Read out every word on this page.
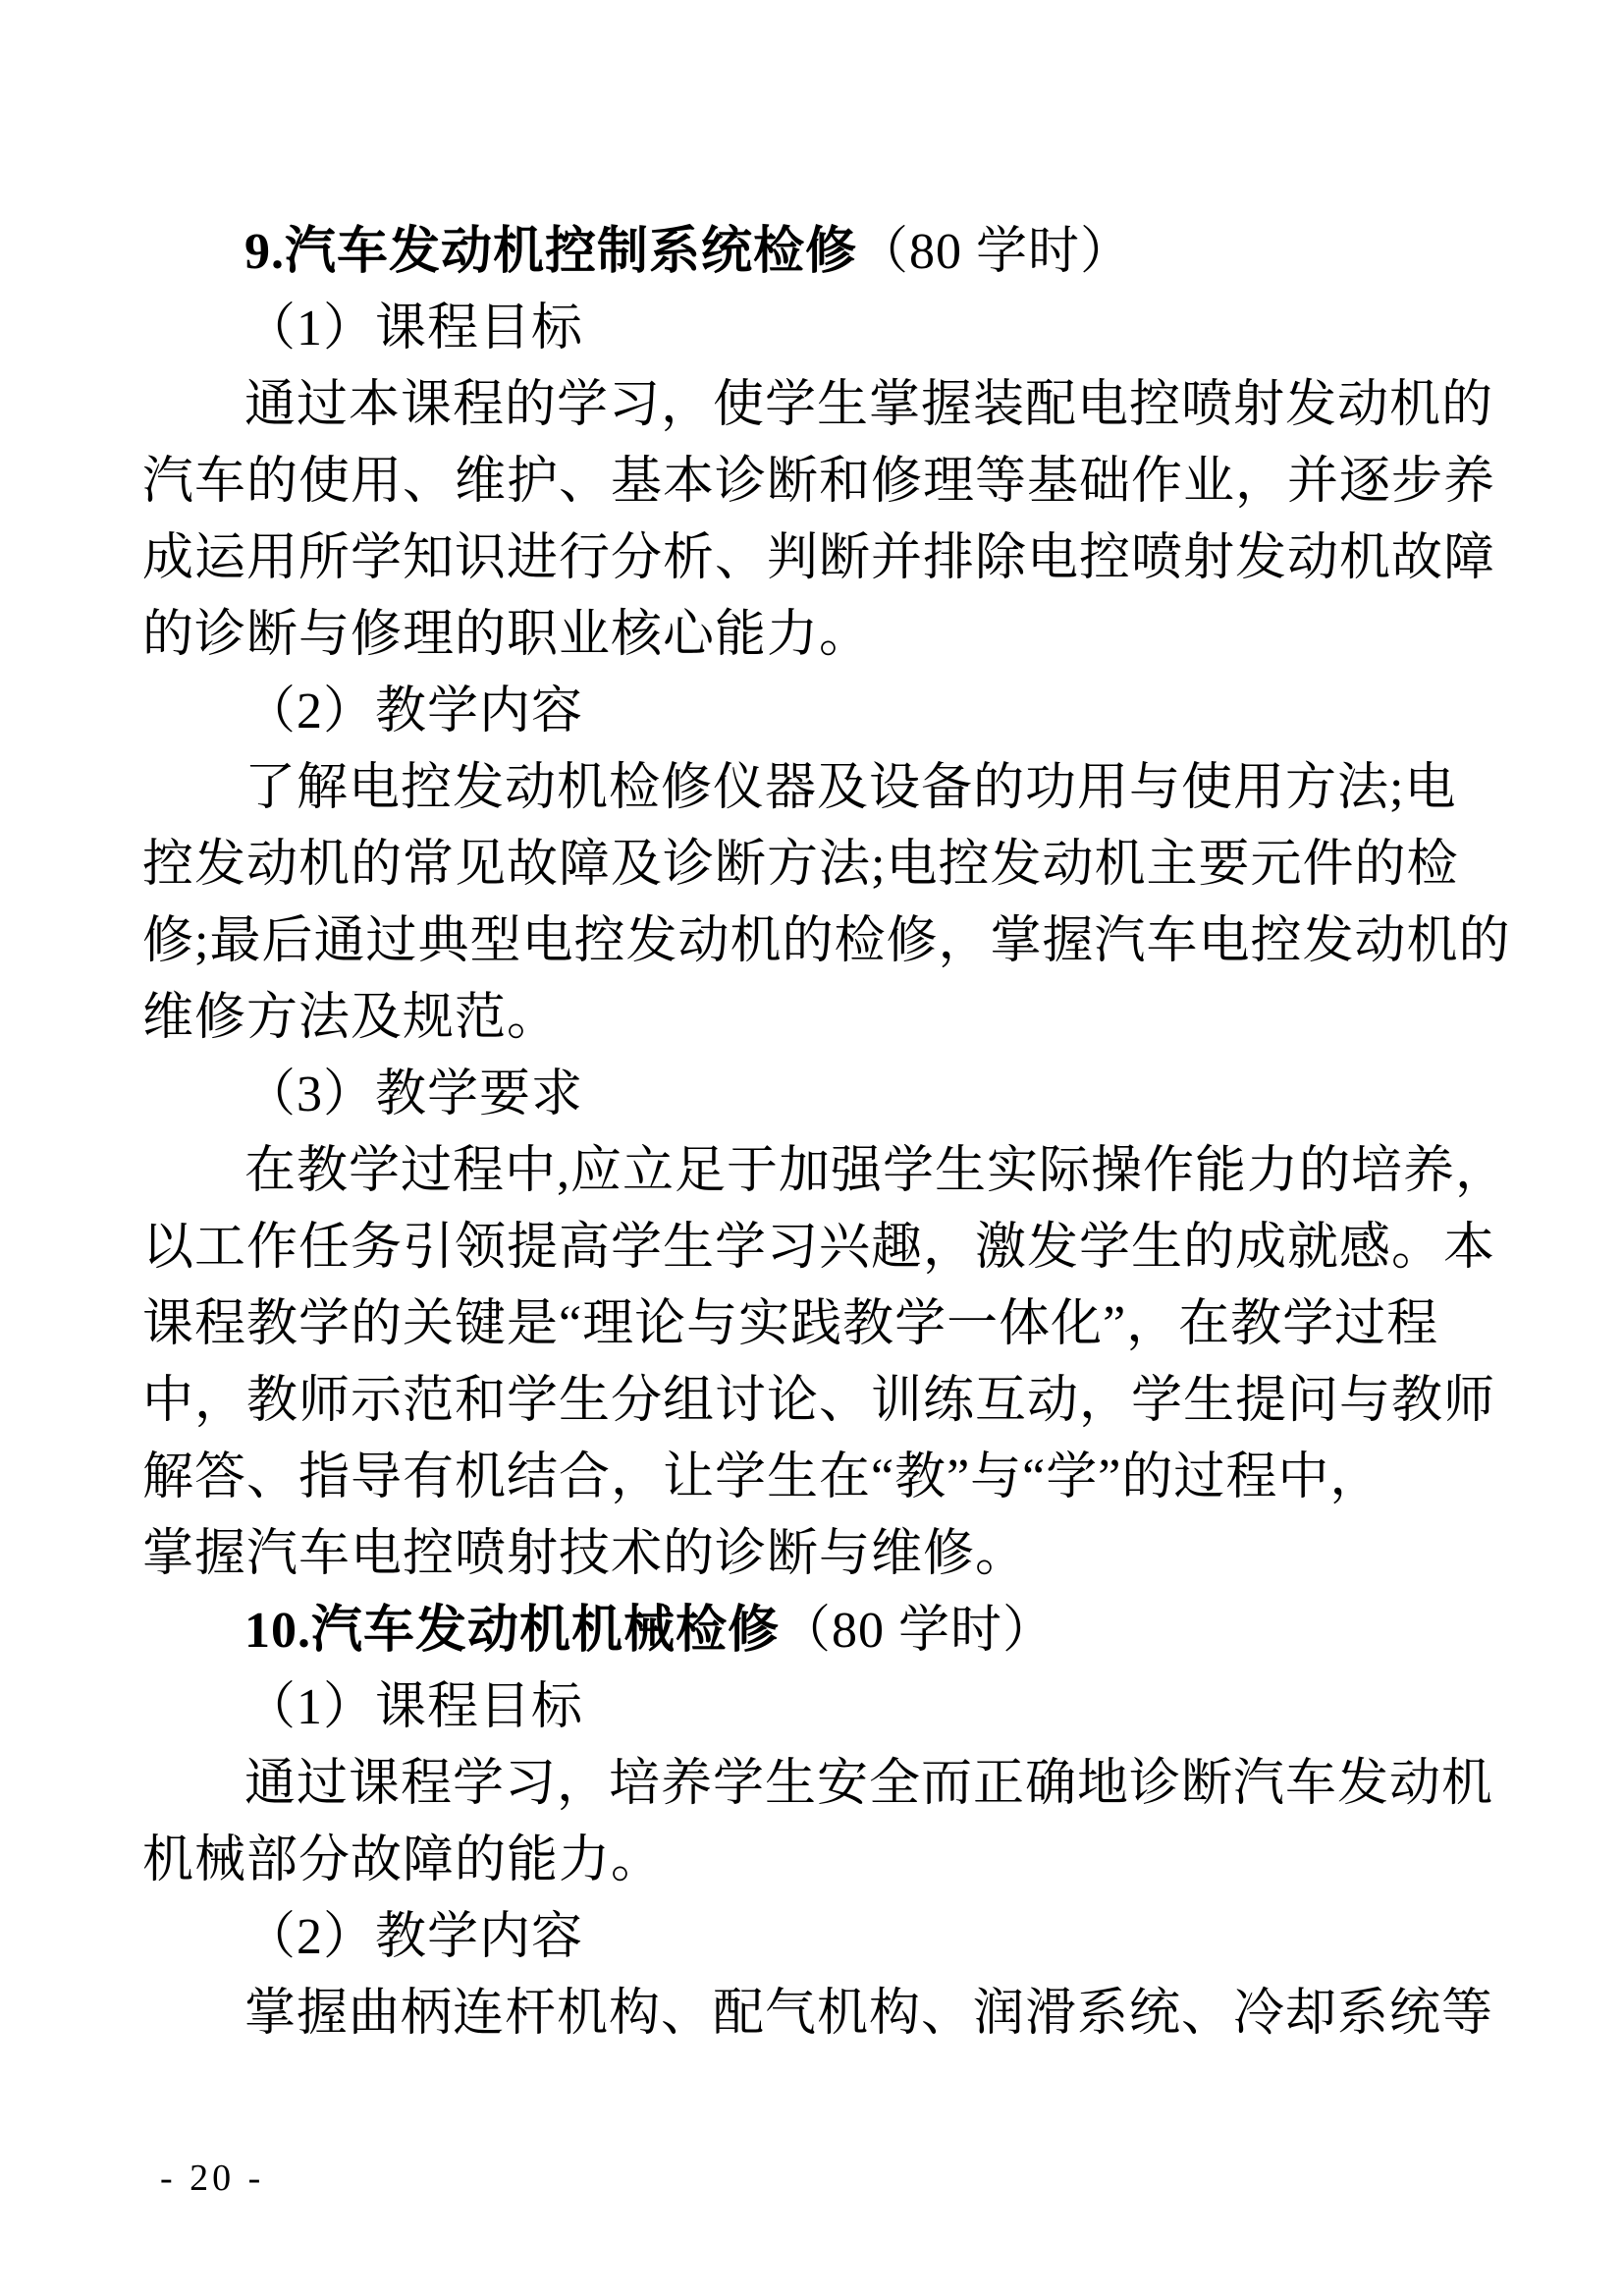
9.汽车发动机控制系统检修（80 学时）
（1）课程目标
通过本课程的学习，使学生掌握装配电控喷射发动机的
汽车的使用、维护、基本诊断和修理等基础作业，并逐步养
成运用所学知识进行分析、判断并排除电控喷射发动机故障
的诊断与修理的职业核心能力。
（2）教学内容
了解电控发动机检修仪器及设备的功用与使用方法;电
控发动机的常见故障及诊断方法;电控发动机主要元件的检
修;最后通过典型电控发动机的检修，掌握汽车电控发动机的
维修方法及规范。
（3）教学要求
在教学过程中,应立足于加强学生实际操作能力的培养，
以工作任务引领提高学生学习兴趣，激发学生的成就感。本
课程教学的关键是“理论与实践教学一体化”，在教学过程
中，教师示范和学生分组讨论、训练互动，学生提问与教师
解答、指导有机结合，让学生在“教”与“学”的过程中，
掌握汽车电控喷射技术的诊断与维修。
10.汽车发动机机械检修（80 学时）
（1）课程目标
通过课程学习，培养学生安全而正确地诊断汽车发动机
机械部分故障的能力。
（2）教学内容
掌握曲柄连杆机构、配气机构、润滑系统、冷却系统等
- 20 -
